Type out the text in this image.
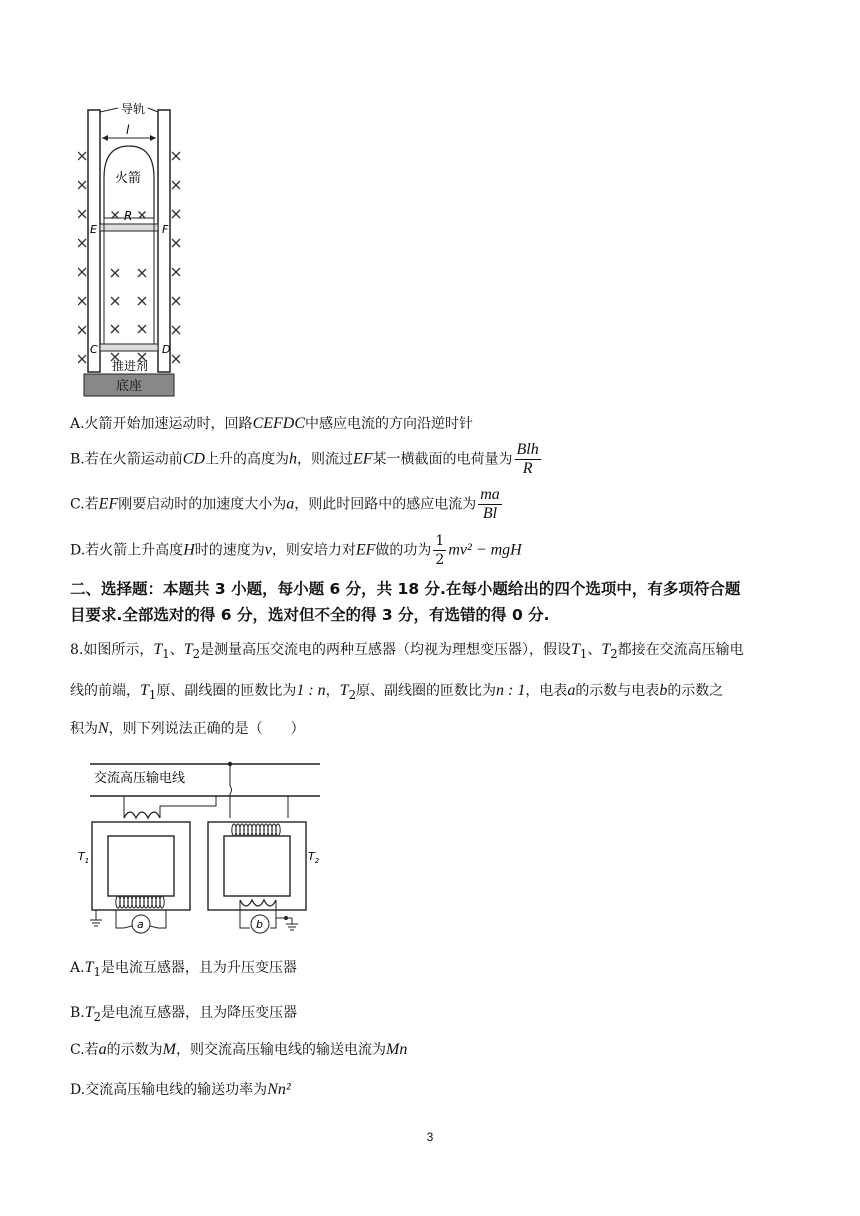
导轨
l
火箭
R
E	F
C	D
推进剂
底座
A.火箭开始加速运动时，回路CEFDC中感应电流的方向沿逆时针
B.若在火箭运动前CD上升的高度为h，则流过EF某一横截面的电荷量为 $\frac{\text{Blh}}{R}$
C.若EF刚要启动时的加速度大小为a，则此时回路中的感应电流为 $\frac{ma}{Bl}$
D.若火箭上升高度H时的速度为v，则安培力对EF做的功为 $\frac{1}{2} mv^2$ − mgH
二、选择题：本题共 3 小题，每小题 6 分，共 18 分.在每小题给出的四个选项中，有多项符合题
目要求.全部选对的得 6 分，选对但不全的得 3 分，有选错的得 0 分.
8.如图所示，$T_1$、$T_2$是测量高压交流电的两种互感器（均视为理想变压器），假设$T_1$、$T_2$都接在交流高压输电
线的前端，$T_1$原、副线圈的匝数比为1 : n，$T_2$原、副线圈的匝数比为n : 1，电表a的示数与电表b的示数之
积为N，则下列说法正确的是（　　）
交流高压输电线
a
$T_1$
b
$T_2$
$A.T_1$是电流互感器，且为升压变压器
$B.T_2$是电流互感器，且为降压变压器
C.若a的示数为M，则交流高压输电线的输送电流为Mn
D.交流高压输电线的输送功率为Nn²
3
